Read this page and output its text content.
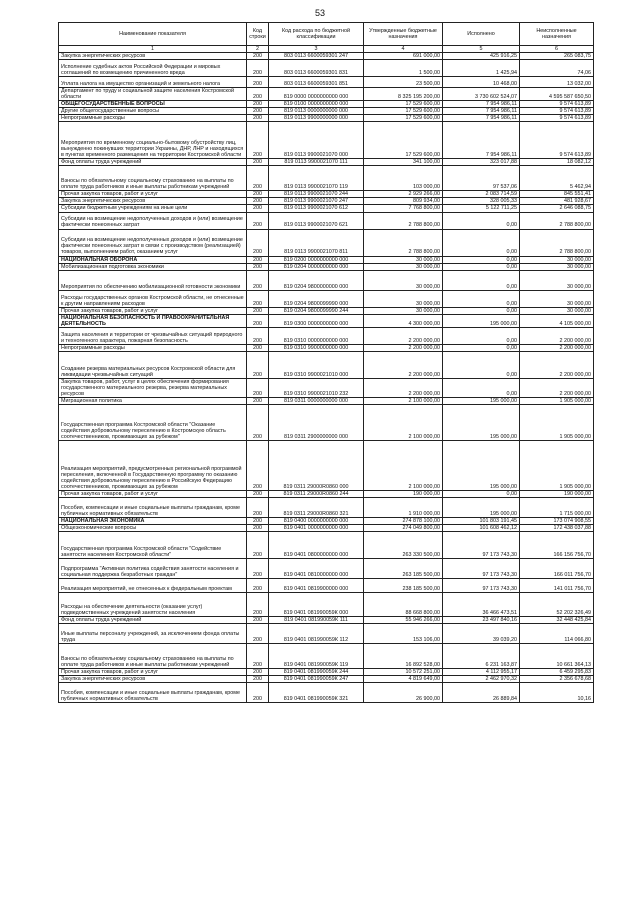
53
Наименование показателя	Код строки	Код расхода по бюджетной классификации	Утвержденные бюджетные назначения	Исполнено	Неисполненные назначения
1	2	3	4	5	6
Закупка энергетических ресурсов	200	803 0113 6600059301 247	691 000,00	425 916,25	265 083,75
Исполнение судебных актов Российской Федерации и мировых соглашений по возмещению причиненного вреда	200	803 0113 6600059301 831	1 500,00	1 425,94	74,06
Уплата налога на имущество организаций и земельного налога	200	803 0113 6600059301 851	23 500,00	10 468,00	13 032,00
Департамент по труду и социальной защите населения Костромской области	200	819 0000 0000000000 000	8 325 195 200,00	3 730 602 524,07	4 595 587 650,50
ОБЩЕГОСУДАРСТВЕННЫЕ ВОПРОСЫ	200	819 0100 0000000000 000	17 529 600,00	7 954 986,11	9 574 613,89
Другие общегосударственные вопросы	200	819 0113 0000000000 000	17 529 600,00	7 954 986,11	9 574 613,89
Непрограммные расходы	200	819 0113 9900000000 000	17 529 600,00	7 954 986,11	9 574 613,89
Мероприятия по временному социально-бытовому обустройству лиц, вынужденно покинувших территории Украины, ДНР, ЛНР и находящихся в пунктах временного размещения на территории Костромской области	200	819 0113 9900021070 000	17 529 600,00	7 954 986,11	9 574 613,89
Фонд оплаты труда учреждений	200	819 0113 9900021070 111	341 100,00	323 017,88	18 082,12
Взносы по обязательному социальному страхованию на выплаты по оплате труда работников и иные выплаты работникам учреждений	200	819 0113 9900021070 119	103 000,00	97 537,06	5 462,94
Прочая закупка товаров, работ и услуг	200	819 0113 9900021070 244	2 929 266,00	2 083 714,59	845 551,41
Закупка энергетических ресурсов	200	819 0113 9900021070 247	809 934,00	328 005,33	481 928,67
Субсидии бюджетным учреждениям на иные цели	200	819 0113 9900021070 612	7 768 800,00	5 122 711,25	2 646 088,75
Субсидии на возмещение недополученных доходов и (или) возмещение фактически понесенных затрат	200	819 0113 9900021070 621	2 788 800,00	0,00	2 788 800,00
Субсидии на возмещение недополученных доходов и (или) возмещение фактически понесенных затрат в связи с производством (реализацией) товаров, выполнением работ, оказанием услуг	200	819 0113 9900021070 811	2 788 800,00	0,00	2 788 800,00
НАЦИОНАЛЬНАЯ ОБОРОНА	200	819 0200 0000000000 000	30 000,00	0,00	30 000,00
Мобилизационная подготовка экономики	200	819 0204 0000000000 000	30 000,00	0,00	30 000,00
Мероприятия по обеспечению мобилизационной готовности экономики	200	819 0204 9800000000 000	30 000,00	0,00	30 000,00
Расходы государственных органов Костромской области, не отнесенные к другим направлениям расходов	200	819 0204 9800099990 000	30 000,00	0,00	30 000,00
Прочая закупка товаров, работ и услуг	200	819 0204 9800099990 244	30 000,00	0,00	30 000,00
НАЦИОНАЛЬНАЯ БЕЗОПАСНОСТЬ И ПРАВООХРАНИТЕЛЬНАЯ ДЕЯТЕЛЬНОСТЬ	200	819 0300 0000000000 000	4 300 000,00	195 000,00	4 105 000,00
Защита населения и территории от чрезвычайных ситуаций природного и техногенного характера, пожарная безопасность	200	819 0310 0000000000 000	2 200 000,00	0,00	2 200 000,00
Непрограммные расходы	200	819 0310 9900000000 000	2 200 000,00	0,00	2 200 000,00
Создание резерва материальных ресурсов Костромской области для ликвидации чрезвычайных ситуаций	200	819 0310 9900021010 000	2 200 000,00	0,00	2 200 000,00
Закупка товаров, работ, услуг в целях обеспечения формирования государственного материального резерва, резерва материальных ресурсов	200	819 0310 9900021010 232	2 200 000,00	0,00	2 200 000,00
Миграционная политика	200	819 0311 0000000000 000	2 100 000,00	195 000,00	1 905 000,00
Государственная программа Костромской области "Оказание содействия добровольному переселению в Костромскую область соотечественников, проживающих за рубежом"	200	819 0311 2900000000 000	2 100 000,00	195 000,00	1 905 000,00
Реализация мероприятий, предусмотренных региональной программой переселения, включенной в Государственную программу по оказанию содействия добровольному переселению в Российскую Федерацию соотечественников, проживающих за рубежом	200	819 0311 29000R0860 000	2 100 000,00	195 000,00	1 905 000,00
Прочая закупка товаров, работ и услуг	200	819 0311 29000R0860 244	190 000,00	0,00	190 000,00
Пособия, компенсации и иные социальные выплаты гражданам, кроме публичных нормативных обязательств	200	819 0311 29000R0860 321	1 910 000,00	195 000,00	1 715 000,00
НАЦИОНАЛЬНАЯ ЭКОНОМИКА	200	819 0400 0000000000 000	274 878 100,00	101 803 191,45	173 074 908,55
Общеэкономические вопросы	200	819 0401 0000000000 000	274 049 800,00	101 608 462,12	172 438 037,88
Государственная программа Костромской области "Содействие занятости населения Костромской области"	200	819 0401 0800000000 000	263 330 500,00	97 173 743,30	166 156 756,70
Подпрограмма "Активная политика содействия занятости населения и социальная поддержка безработных граждан"	200	819 0401 0810000000 000	263 185 500,00	97 173 743,30	166 011 756,70
Реализация мероприятий, не отнесенных к федеральным проектам	200	819 0401 0819900000 000	238 185 500,00	97 173 743,30	141 011 756,70
Расходы на обеспечение деятельности (оказание услуг) подведомственных учреждений занятости населения	200	819 0401 081990059К 000	88 668 800,00	36 466 473,51	52 202 326,49
Фонд оплаты труда учреждений	200	819 0401 081990059К 111	55 946 266,00	23 497 840,16	32 448 425,84
Иные выплаты персоналу учреждений, за исключением фонда оплаты труда	200	819 0401 081990059К 112	153 106,00	39 039,20	114 066,80
Взносы по обязательному социальному страхованию на выплаты по оплате труда работников и иные выплаты работникам учреждений	200	819 0401 081990059К 119	16 892 528,00	6 231 163,87	10 661 364,13
Прочая закупка товаров, работ и услуг	200	819 0401 081990059К 244	10 572 251,00	4 112 955,17	6 459 295,83
Закупка энергетических ресурсов	200	819 0401 081990059К 247	4 819 649,00	2 462 970,32	2 356 678,68
Пособия, компенсации и иные социальные выплаты гражданам, кроме публичных нормативных обязательств	200	819 0401 081990059К 321	26 900,00	26 889,84	10,16
